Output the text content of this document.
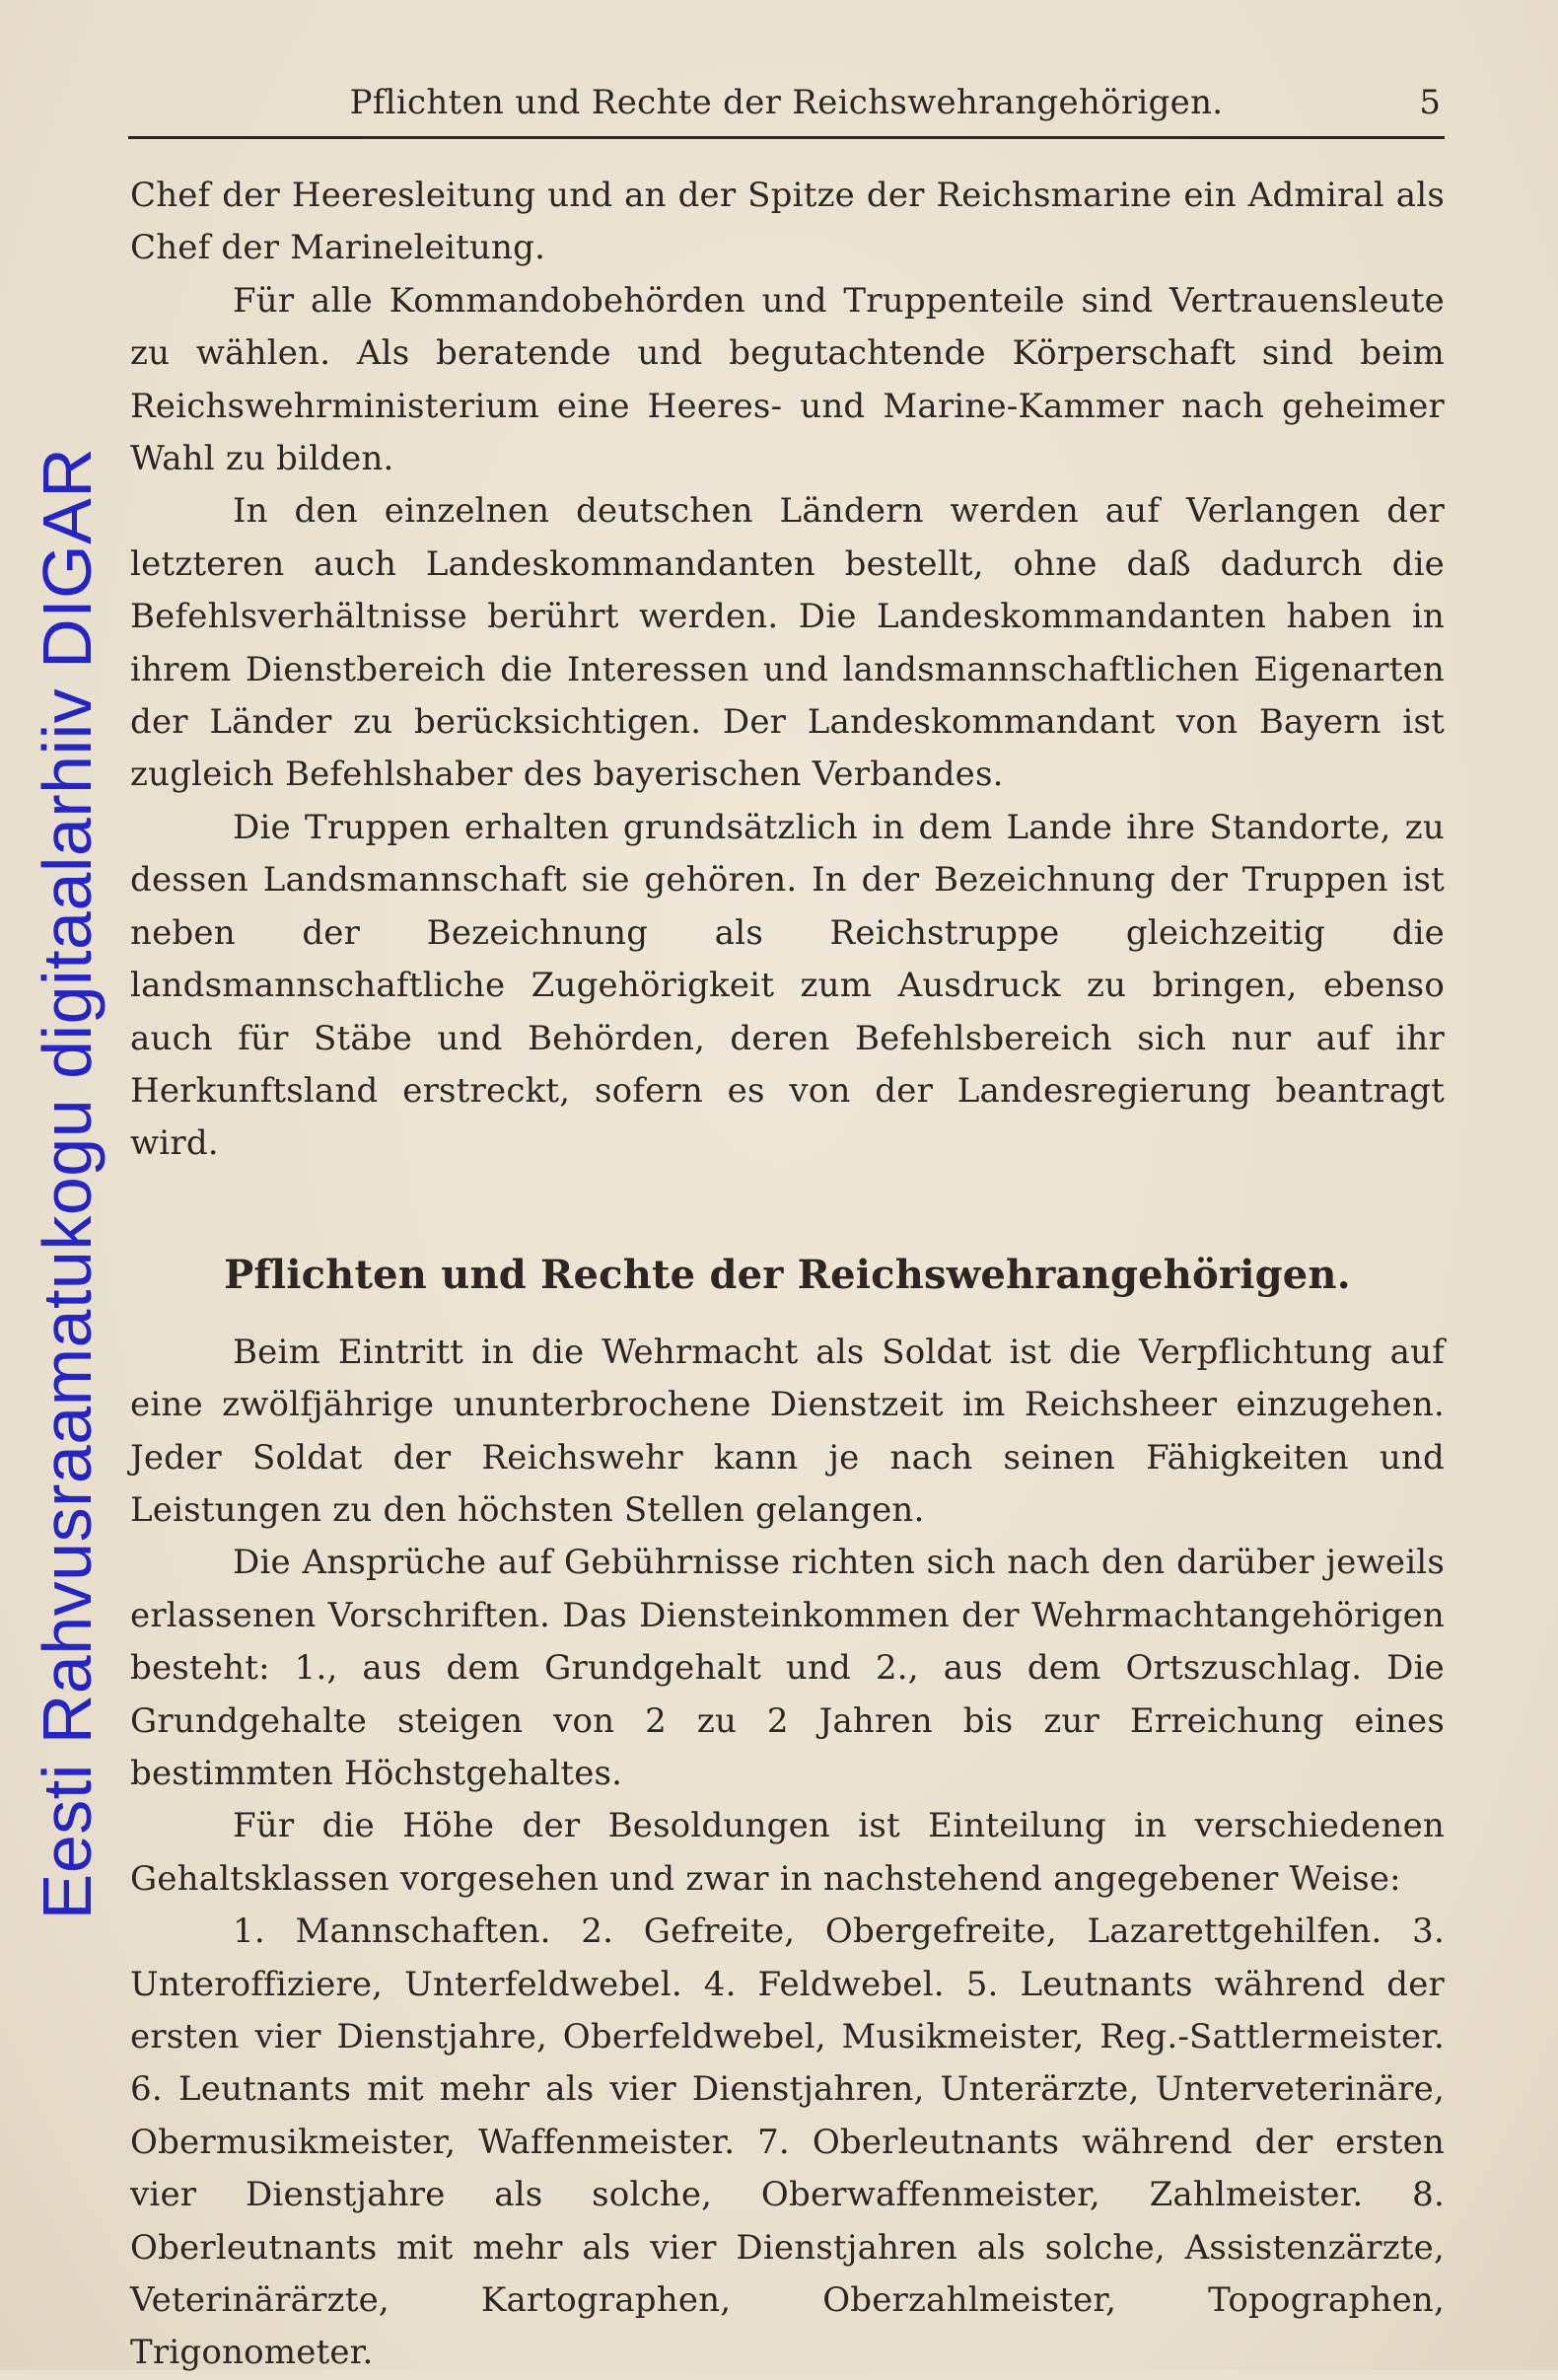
Eesti Rahvusraamatukogu digitaalarhiiv DIGAR
Pflichten und Rechte der Reichswehrangehörigen.	5

Chef der Heeresleitung und an der Spitze der Reichsmarine ein Admiral als Chef der Marineleitung.

Für alle Kommandobehörden und Truppenteile sind Vertrauensleute zu wählen. Als beratende und begutachtende Körperschaft sind beim Reichswehrministerium eine Heeres- und Marine-Kammer nach geheimer Wahl zu bilden.

In den einzelnen deutschen Ländern werden auf Verlangen der letzteren auch Landeskommandanten bestellt, ohne daß dadurch die Befehlsverhältnisse berührt werden. Die Landeskommandanten haben in ihrem Dienstbereich die Interessen und landsmannschaftlichen Eigenarten der Länder zu berücksichtigen. Der Landeskommandant von Bayern ist zugleich Befehlshaber des bayerischen Verbandes.

Die Truppen erhalten grundsätzlich in dem Lande ihre Standorte, zu dessen Landsmannschaft sie gehören. In der Bezeichnung der Truppen ist neben der Bezeichnung als Reichstruppe gleichzeitig die landsmannschaftliche Zugehörigkeit zum Ausdruck zu bringen, ebenso auch für Stäbe und Behörden, deren Befehlsbereich sich nur auf ihr Herkunftsland erstreckt, sofern es von der Landesregierung beantragt wird.

Pflichten und Rechte der Reichswehrangehörigen.

Beim Eintritt in die Wehrmacht als Soldat ist die Verpflichtung auf eine zwölfjährige ununterbrochene Dienstzeit im Reichsheer einzugehen. Jeder Soldat der Reichswehr kann je nach seinen Fähigkeiten und Leistungen zu den höchsten Stellen gelangen.

Die Ansprüche auf Gebührnisse richten sich nach den darüber jeweils erlassenen Vorschriften. Das Diensteinkommen der Wehrmachtangehörigen besteht: 1., aus dem Grundgehalt und 2., aus dem Ortszuschlag. Die Grundgehalte steigen von 2 zu 2 Jahren bis zur Erreichung eines bestimmten Höchstgehaltes.

Für die Höhe der Besoldungen ist Einteilung in verschiedenen Gehaltsklassen vorgesehen und zwar in nachstehend angegebener Weise:

1. Mannschaften. 2. Gefreite, Obergefreite, Lazarettgehilfen. 3. Unteroffiziere, Unterfeldwebel. 4. Feldwebel. 5. Leutnants während der ersten vier Dienstjahre, Oberfeldwebel, Musikmeister, Reg.-Sattlermeister. 6. Leutnants mit mehr als vier Dienstjahren, Unterärzte, Unterveterinäre, Obermusikmeister, Waffenmeister. 7. Oberleutnants während der ersten vier Dienstjahre als solche, Oberwaffenmeister, Zahlmeister. 8. Oberleutnants mit mehr als vier Dienstjahren als solche, Assistenzärzte, Veterinärärzte, Kartographen, Oberzahlmeister, Topographen, Trigonometer.
